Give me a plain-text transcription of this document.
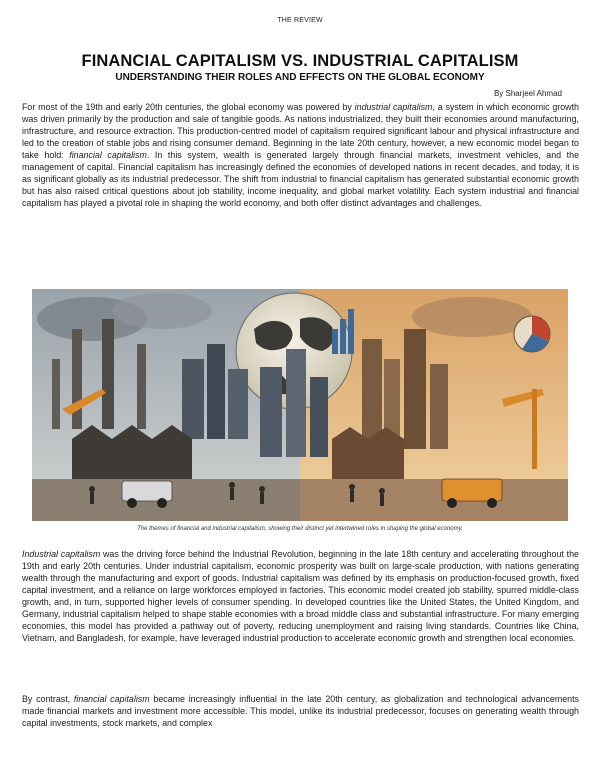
THE REVIEW
FINANCIAL CAPITALISM VS. INDUSTRIAL CAPITALISM
UNDERSTANDING THEIR ROLES AND EFFECTS ON THE GLOBAL ECONOMY
By Sharjeel Ahmad

For most of the 19th and early 20th centuries, the global economy was powered by industrial capitalism, a system in which economic growth was driven primarily by the production and sale of tangible goods. As nations industrialized, they built their economies around manufacturing, infrastructure, and resource extraction. This production-centred model of capitalism required significant labour and physical infrastructure and led to the creation of stable jobs and rising consumer demand. Beginning in the late 20th century, however, a new economic model began to take hold: financial capitalism. In this system, wealth is generated largely through financial markets, investment vehicles, and the management of capital. Financial capitalism has increasingly defined the economies of developed nations in recent decades, and today, it is as significant globally as its industrial predecessor. The shift from industrial to financial capitalism has generated substantial economic growth but has also raised critical questions about job stability, income inequality, and global market volatility. Each system industrial and financial capitalism has played a pivotal role in shaping the world economy, and both offer distinct advantages and challenges.

The themes of financial and industrial capitalism, showing their distinct yet intertwined roles in shaping the global economy.

Industrial capitalism was the driving force behind the Industrial Revolution, beginning in the late 18th century and accelerating throughout the 19th and early 20th centuries. Under industrial capitalism, economic prosperity was built on large-scale production, with nations generating wealth through the manufacturing and export of goods. Industrial capitalism was defined by its emphasis on production-focused growth, fixed capital investment, and a reliance on large workforces employed in factories. This economic model created job stability, spurred middle-class growth, and, in turn, supported higher levels of consumer spending. In developed countries like the United States, the United Kingdom, and Germany, industrial capitalism helped to shape stable economies with a broad middle class and substantial infrastructure. For many emerging economies, this model has provided a pathway out of poverty, reducing unemployment and raising living standards. Countries like China, Vietnam, and Bangladesh, for example, have leveraged industrial production to accelerate economic growth and strengthen local economies.

By contrast, financial capitalism became increasingly influential in the late 20th century, as globalization and technological advancements made financial markets and investment more accessible. This model, unlike its industrial predecessor, focuses on generating wealth through capital investments, stock markets, and complex
